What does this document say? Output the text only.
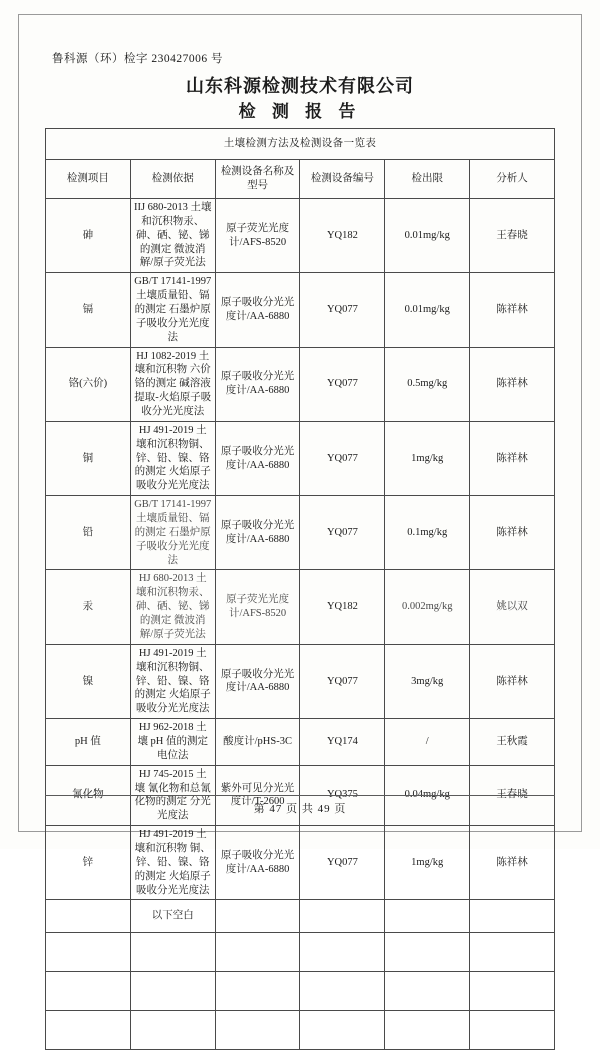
鲁科源（环）检字 230427006 号
山东科源检测技术有限公司
检 测 报 告
土壤检测方法及检测设备一览表					
检测项目	检测依据	检测设备名称及型号	检测设备编号	检出限	分析人
砷	IIJ 680-2013 土壤和沉积物汞、砷、硒、铋、锑的测定 微波消解/原子荧光法	原子荧光光度计/AFS-8520	YQ182	0.01mg/kg	王春晓
镉	GB/T 17141-1997 土壤质量铅、镉的测定 石墨炉原子吸收分光光度法	原子吸收分光光度计/AA-6880	YQ077	0.01mg/kg	陈祥林
铬(六价)	HJ 1082-2019 土壤和沉积物 六价铬的测定 碱溶液提取-火焰原子吸收分光光度法	原子吸收分光光度计/AA-6880	YQ077	0.5mg/kg	陈祥林
铜	HJ 491-2019 土壤和沉积物铜、锌、铅、镍、铬的测定 火焰原子吸收分光光度法	原子吸收分光光度计/AA-6880	YQ077	1mg/kg	陈祥林
铅	GB/T 17141-1997 土壤质量铅、镉的测定 石墨炉原子吸收分光光度法	原子吸收分光光度计/AA-6880	YQ077	0.1mg/kg	陈祥林
汞	HJ 680-2013 土壤和沉积物汞、砷、硒、铋、锑的测定 微波消解/原子荧光法	原子荧光光度计/AFS-8520	YQ182	0.002mg/kg	姚以双
镍	HJ 491-2019 土壤和沉积物铜、锌、铅、镍、铬的测定 火焰原子吸收分光光度法	原子吸收分光光度计/AA-6880	YQ077	3mg/kg	陈祥林
pH 值	HJ 962-2018 土壤 pH 值的测定 电位法	酸度计/pHS-3C	YQ174	/	王秋霞
氰化物	HJ 745-2015 土壤 氰化物和总氰化物的测定 分光光度法	紫外可见分光光度计/T-2600	YQ375	0.04mg/kg	王春晓
锌	HJ 491-2019 土壤和沉积物 铜、锌、铅、镍、铬的测定 火焰原子吸收分光光度法	原子吸收分光光度计/AA-6880	YQ077	1mg/kg	陈祥林
	以下空白				

第 47 页 共 49 页
